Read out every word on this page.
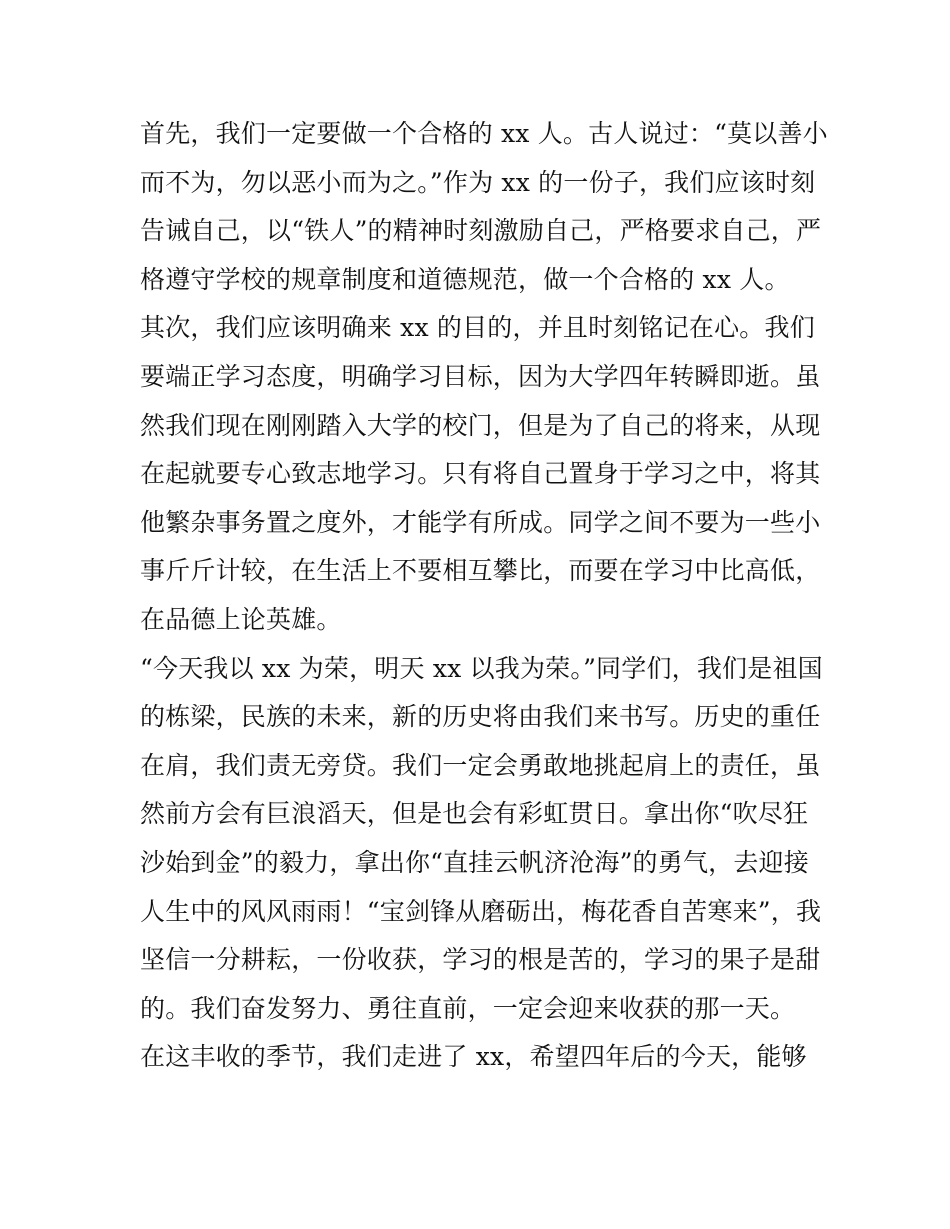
首先，我们一定要做一个合格的 xx 人。古人说过：“莫以善小
而不为，勿以恶小而为之。”作为 xx 的一份子，我们应该时刻
告诫自己，以“铁人”的精神时刻激励自己，严格要求自己，严
格遵守学校的规章制度和道德规范，做一个合格的 xx 人。
其次，我们应该明确来 xx 的目的，并且时刻铭记在心。我们
要端正学习态度，明确学习目标，因为大学四年转瞬即逝。虽
然我们现在刚刚踏入大学的校门，但是为了自己的将来，从现
在起就要专心致志地学习。只有将自己置身于学习之中，将其
他繁杂事务置之度外，才能学有所成。同学之间不要为一些小
事斤斤计较，在生活上不要相互攀比，而要在学习中比高低，
在品德上论英雄。
“今天我以 xx 为荣，明天 xx 以我为荣。”同学们，我们是祖国
的栋梁，民族的未来，新的历史将由我们来书写。历史的重任
在肩，我们责无旁贷。我们一定会勇敢地挑起肩上的责任，虽
然前方会有巨浪滔天，但是也会有彩虹贯日。拿出你“吹尽狂
沙始到金”的毅力，拿出你“直挂云帆济沧海”的勇气，去迎接
人生中的风风雨雨！“宝剑锋从磨砺出，梅花香自苦寒来”，我
坚信一分耕耘，一份收获，学习的根是苦的，学习的果子是甜
的。我们奋发努力、勇往直前，一定会迎来收获的那一天。
在这丰收的季节，我们走进了 xx，希望四年后的今天，能够
